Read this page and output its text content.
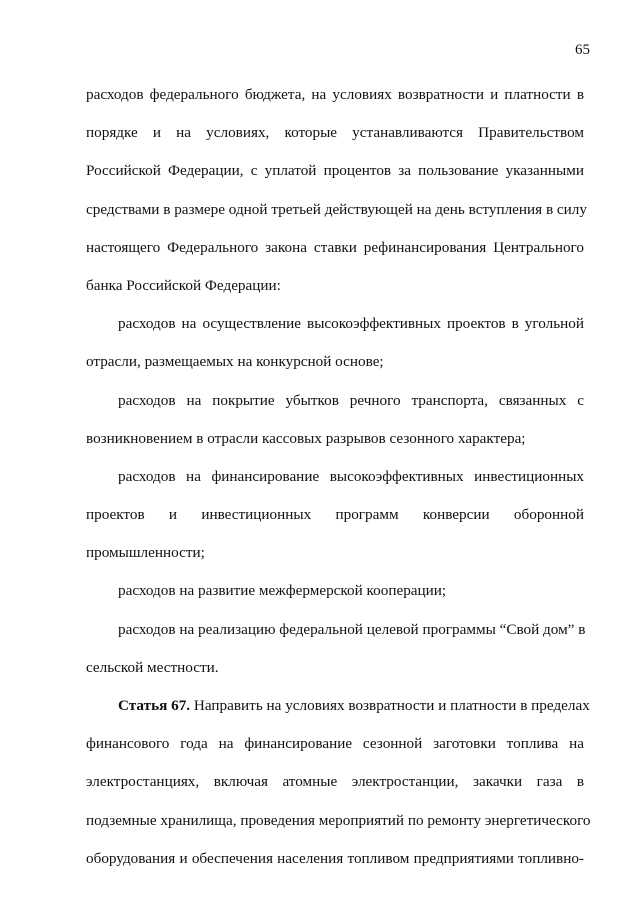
65
расходов федерального бюджета, на условиях возвратности и платности в
порядке и на условиях, которые устанавливаются Правительством
Российской Федерации, с уплатой процентов за пользование указанными
средствами в размере одной третьей действующей на день вступления в силу
настоящего Федерального закона ставки рефинансирования Центрального
банка Российской Федерации:
расходов на осуществление высокоэффективных проектов в угольной
отрасли, размещаемых на конкурсной основе;
расходов на покрытие убытков речного транспорта, связанных с
возникновением в отрасли кассовых разрывов сезонного характера;
расходов на финансирование высокоэффективных инвестиционных
проектов и инвестиционных программ конверсии оборонной
промышленности;
расходов на развитие межфермерской кооперации;
расходов на реализацию федеральной целевой программы “Свой дом” в
сельской местности.
Статья 67. Направить на условиях возвратности и платности в пределах
финансового года на финансирование сезонной заготовки топлива на
электростанциях, включая атомные электростанции, закачки газа в
подземные хранилища, проведения мероприятий по ремонту энергетического
оборудования и обеспечения населения топливом предприятиями топливно-
